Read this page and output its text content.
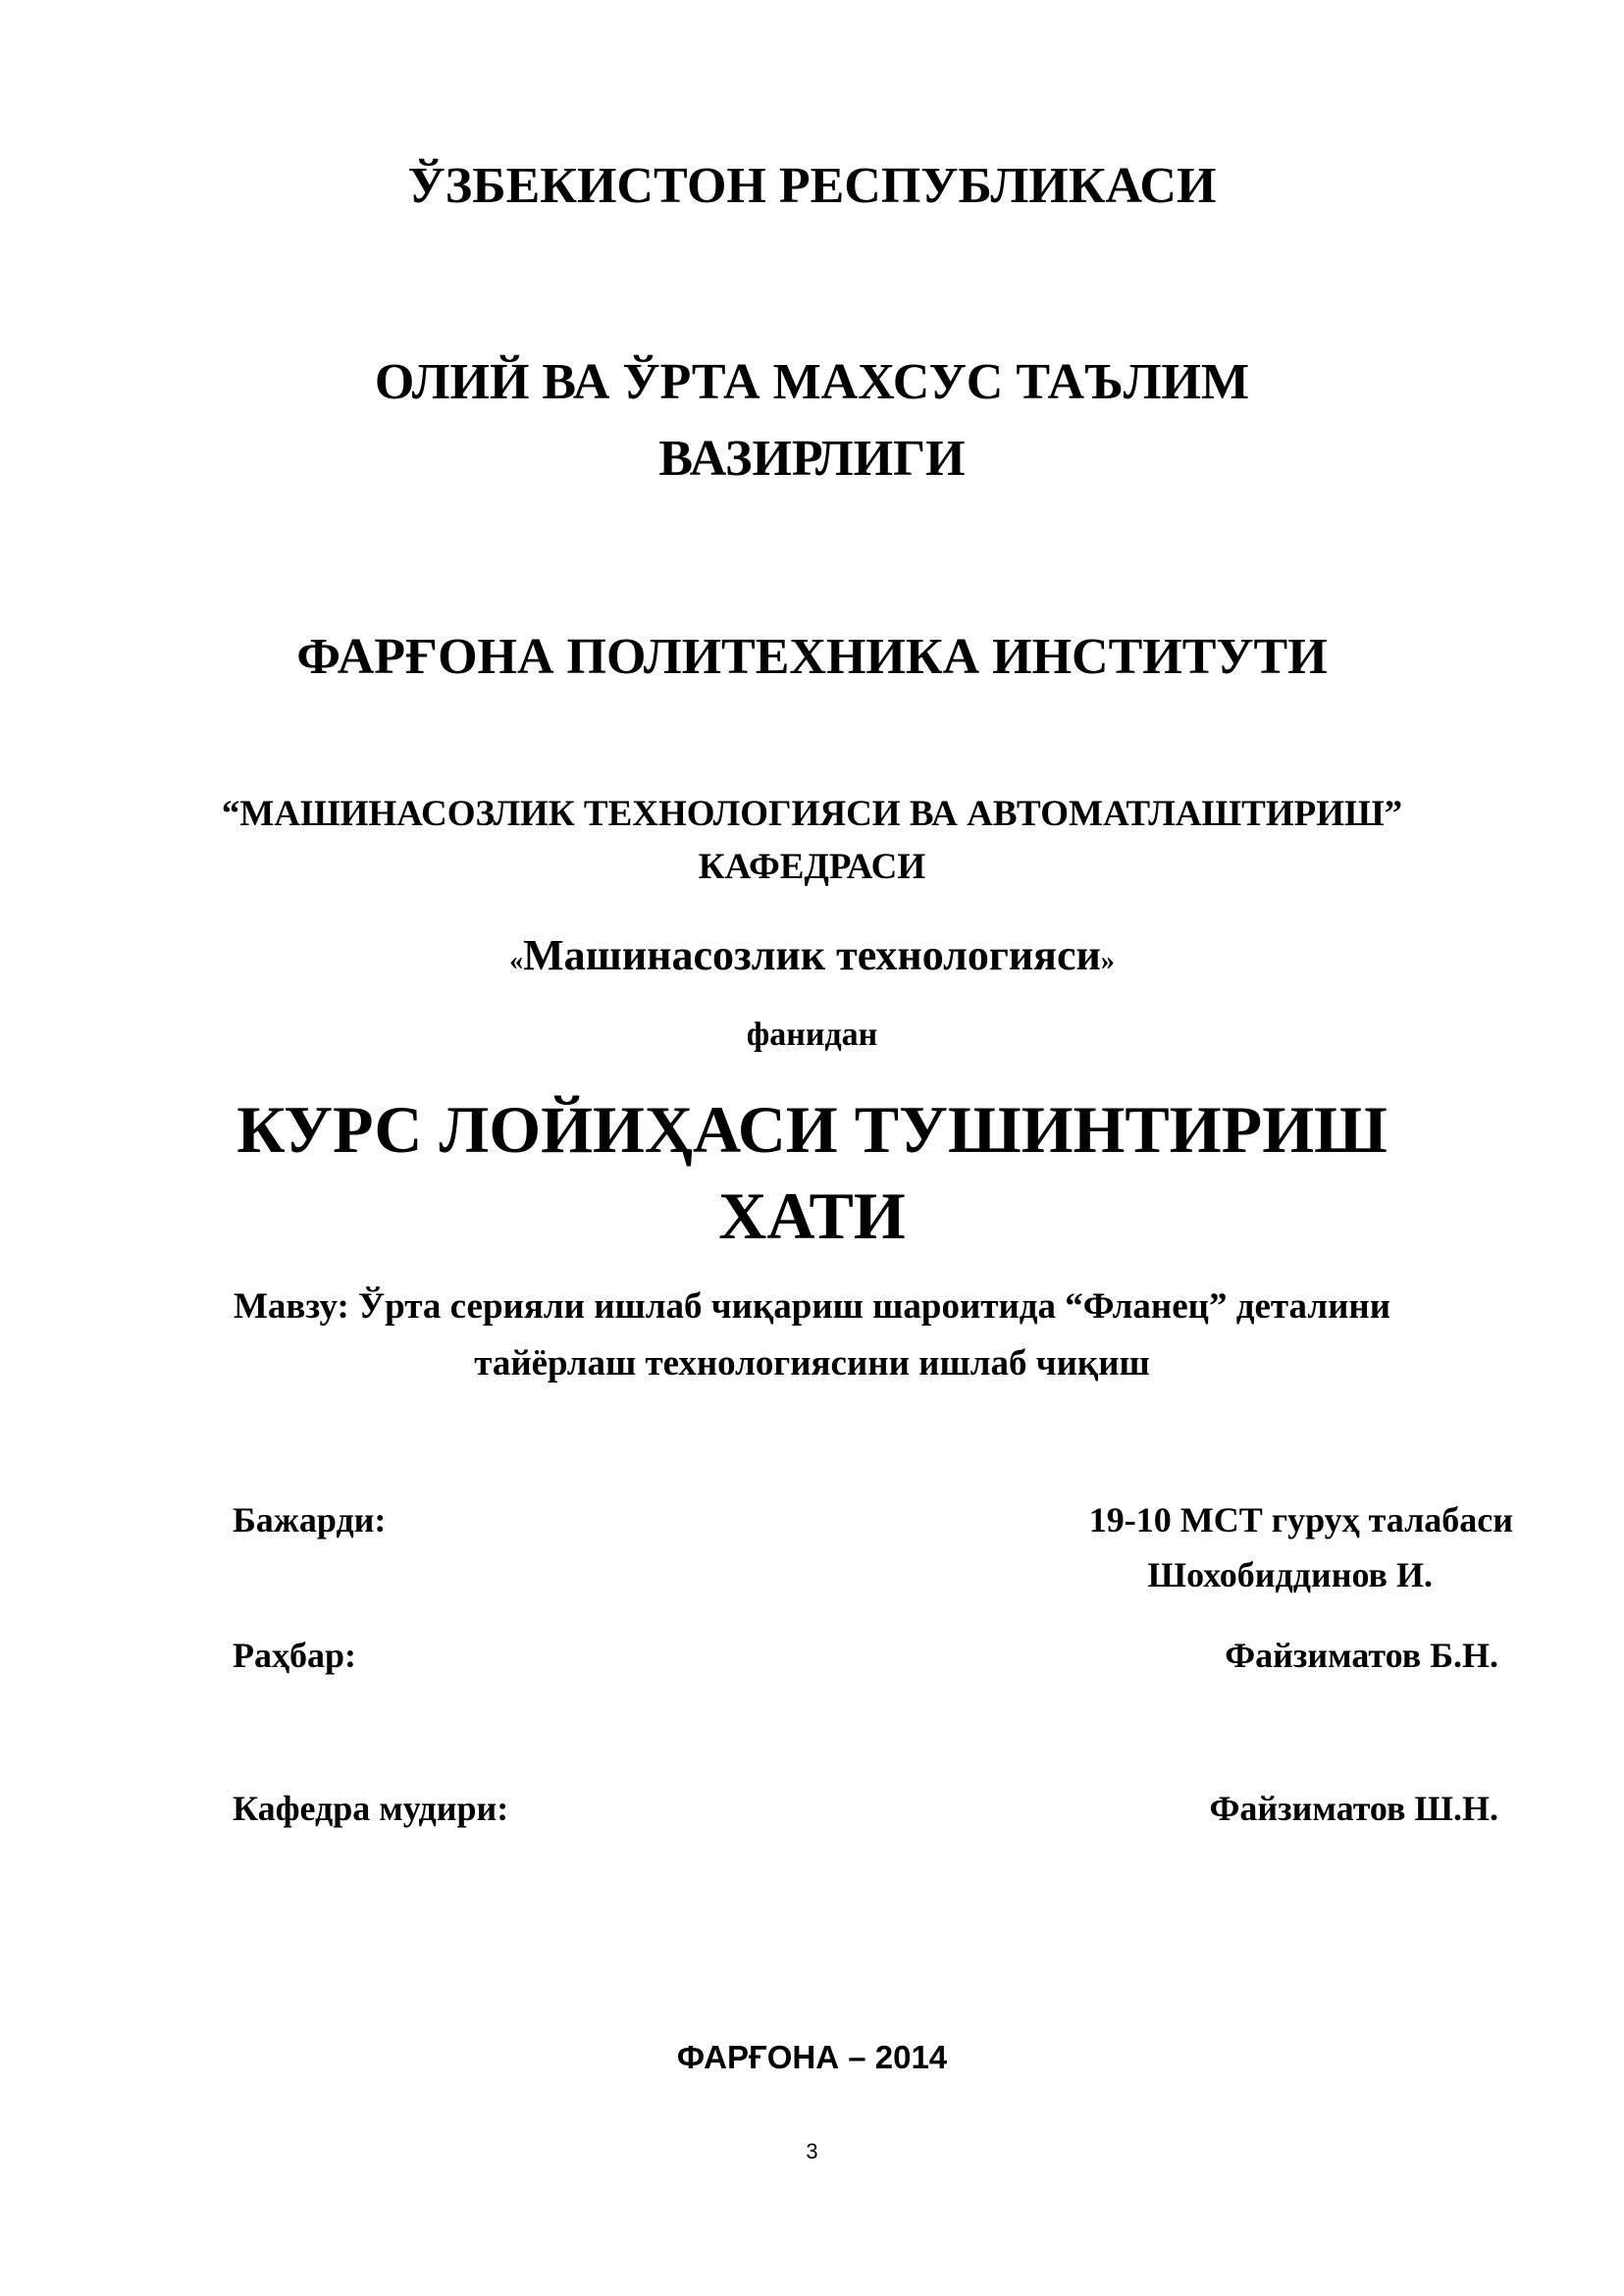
ЎЗБЕКИСТОН РЕСПУБЛИКАСИ
ОЛИЙ ВА ЎРТА МАХСУС ТАЪЛИМ
ВАЗИРЛИГИ
ФАРҒОНА ПОЛИТЕХНИКА ИНСТИТУТИ
“МАШИНАСОЗЛИК ТЕХНОЛОГИЯСИ ВА АВТОМАТЛАШТИРИШ”
КАФЕДРАСИ
«Машинасозлик технологияси»
фанидан
КУРС ЛОЙИҲАСИ ТУШИНТИРИШ
ХАТИ
Мавзу: Ўрта серияли ишлаб чиқариш шароитида “Фланец” деталини
тайёрлаш технологиясини ишлаб чиқиш
Бажарди:	19-10 МСТ гуруҳ талабаси
Шохобиддинов И.
Раҳбар:	Файзиматов Б.Н.
Кафедра мудири:	Файзиматов Ш.Н.
ФАРҒОНА – 2014
3
